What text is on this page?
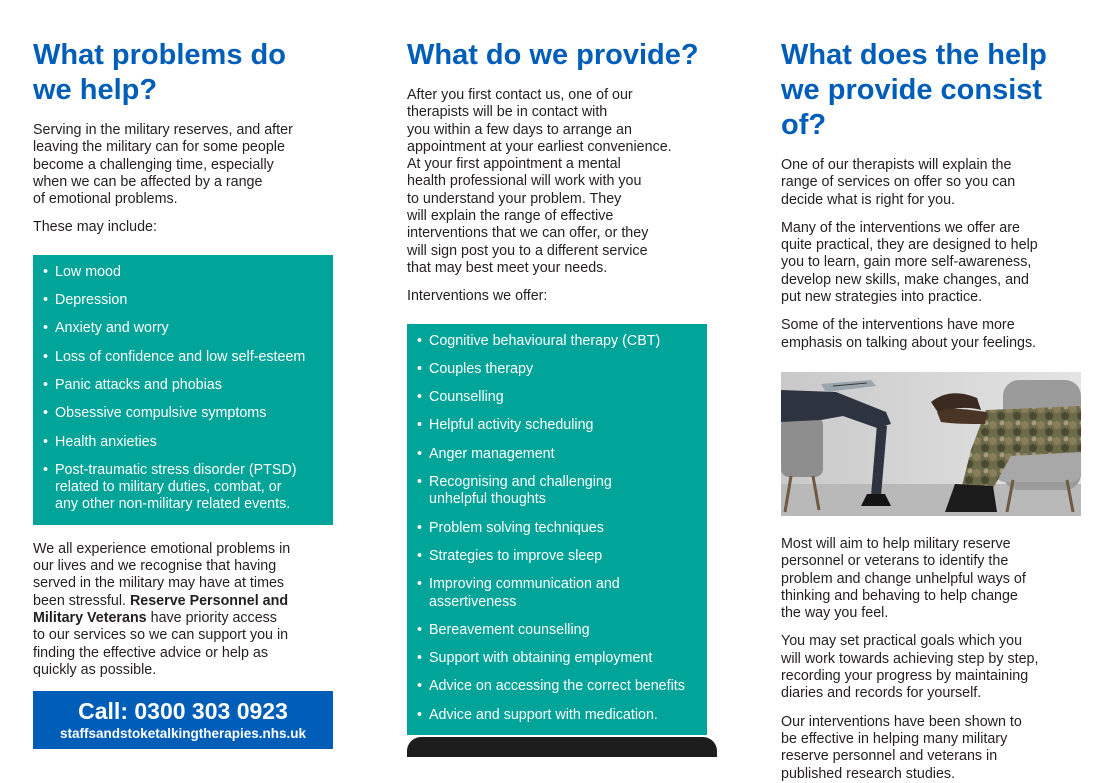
What problems do
we help?

Serving in the military reserves, and after
leaving the military can for some people
become a challenging time, especially
when we can be affected by a range
of emotional problems.

These may include:

• Low mood
• Depression
• Anxiety and worry
• Loss of confidence and low self-esteem
• Panic attacks and phobias
• Obsessive compulsive symptoms
• Health anxieties
• Post-traumatic stress disorder (PTSD)
related to military duties, combat, or
any other non-military related events.

We all experience emotional problems in
our lives and we recognise that having
served in the military may have at times
been stressful. Reserve Personnel and
Military Veterans have priority access
to our services so we can support you in
finding the effective advice or help as
quickly as possible.

Call: 0300 303 0923
staffsandstoketalkingtherapies.nhs.uk
What do we provide?

After you first contact us, one of our
therapists will be in contact with
you within a few days to arrange an
appointment at your earliest convenience.
At your first appointment a mental
health professional will work with you
to understand your problem. They
will explain the range of effective
interventions that we can offer, or they
will sign post you to a different service
that may best meet your needs.

Interventions we offer:

• Cognitive behavioural therapy (CBT)
• Couples therapy
• Counselling
• Helpful activity scheduling
• Anger management
• Recognising and challenging
unhelpful thoughts
• Problem solving techniques
• Strategies to improve sleep
• Improving communication and
assertiveness
• Bereavement counselling
• Support with obtaining employment
• Advice on accessing the correct benefits
• Advice and support with medication.
What does the help
we provide consist of?

One of our therapists will explain the
range of services on offer so you can
decide what is right for you.

Many of the interventions we offer are
quite practical, they are designed to help
you to learn, gain more self-awareness,
develop new skills, make changes, and
put new strategies into practice.

Some of the interventions have more
emphasis on talking about your feelings.

Most will aim to help military reserve
personnel or veterans to identify the
problem and change unhelpful ways of
thinking and behaving to help change
the way you feel.

You may set practical goals which you
will work towards achieving step by step,
recording your progress by maintaining
diaries and records for yourself.

Our interventions have been shown to
be effective in helping many military
reserve personnel and veterans in
published research studies.
